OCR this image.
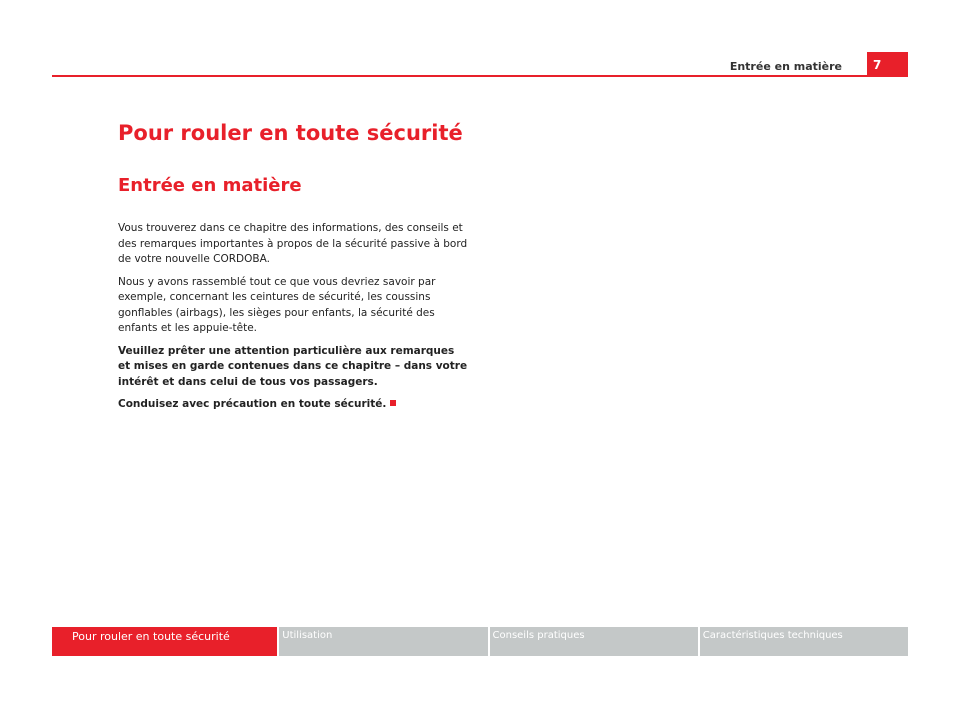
Entrée en matière	7
Pour rouler en toute sécurité
Entrée en matière

Vous trouverez dans ce chapitre des informations, des conseils et des remarques importantes à propos de la sécurité passive à bord de votre nouvelle CORDOBA.

Nous y avons rassemblé tout ce que vous devriez savoir par exemple, concernant les ceintures de sécurité, les coussins gonflables (airbags), les sièges pour enfants, la sécurité des enfants et les appuie-tête.

Veuillez prêter une attention particulière aux remarques et mises en garde contenues dans ce chapitre – dans votre intérêt et dans celui de tous vos passagers.

Conduisez avec précaution en toute sécurité.

Pour rouler en toute sécurité	Utilisation	Conseils pratiques	Caractéristiques techniques
